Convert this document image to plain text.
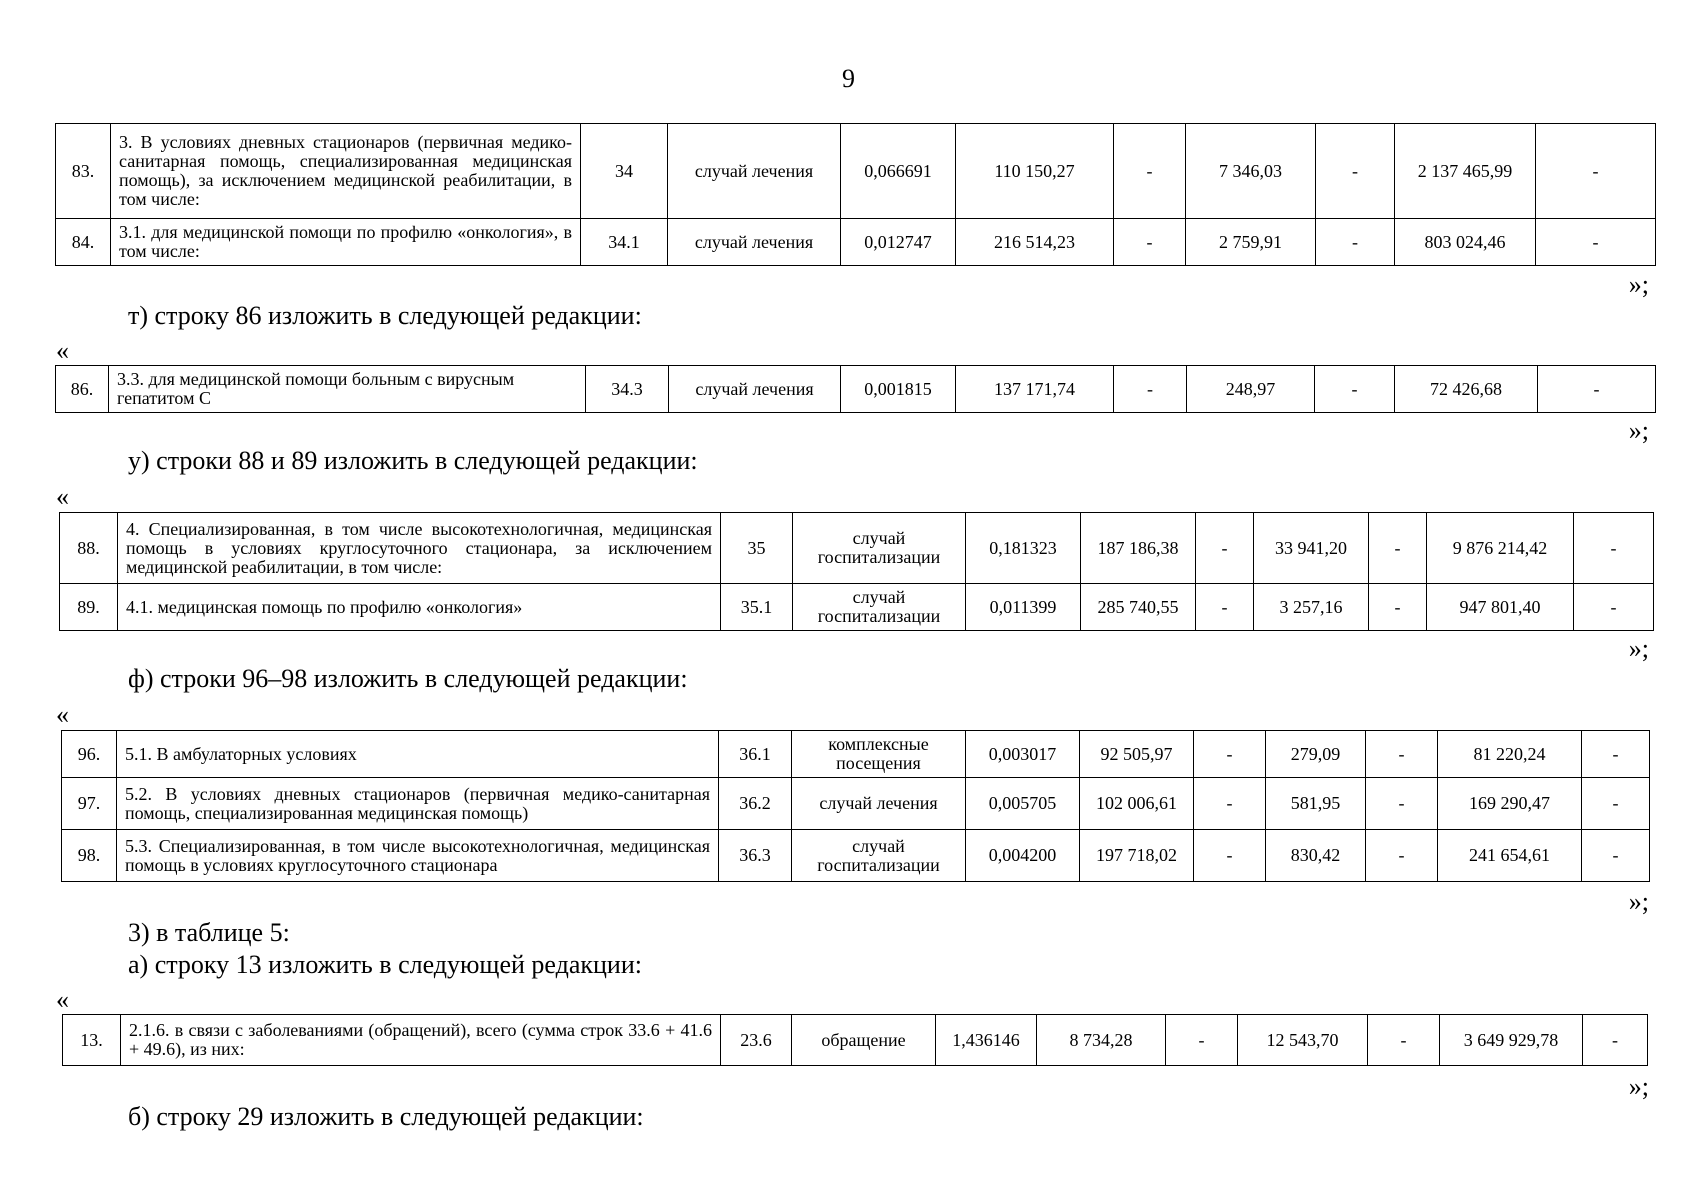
9
83.	3. В условиях дневных стационаров (первичная медико-санитарная помощь, специализированная медицинская помощь), за исключением медицинской реабилитации, в том числе:	34	случай лечения	0,066691	110 150,27	-	7 346,03	-	2 137 465,99	-
84.	3.1. для медицинской помощи по профилю «онкология», в том числе:	34.1	случай лечения	0,012747	216 514,23	-	2 759,91	-	803 024,46	-
»;
т) строку 86 изложить в следующей редакции:
«
86.	3.3. для медицинской помощи больным с вирусным гепатитом С	34.3	случай лечения	0,001815	137 171,74	-	248,97	-	72 426,68	-
»;
у) строки 88 и 89 изложить в следующей редакции:
«
88.	4. Специализированная, в том числе высокотехнологичная, медицинская помощь в условиях круглосуточного стационара, за исключением медицинской реабилитации, в том числе:	35	случай госпитализации	0,181323	187 186,38	-	33 941,20	-	9 876 214,42	-
89.	4.1. медицинская помощь по профилю «онкология»	35.1	случай госпитализации	0,011399	285 740,55	-	3 257,16	-	947 801,40	-
»;
ф) строки 96–98 изложить в следующей редакции:
«
96.	5.1. В амбулаторных условиях	36.1	комплексные посещения	0,003017	92 505,97	-	279,09	-	81 220,24	-
97.	5.2. В условиях дневных стационаров (первичная медико-санитарная помощь, специализированная медицинская помощь)	36.2	случай лечения	0,005705	102 006,61	-	581,95	-	169 290,47	-
98.	5.3. Специализированная, в том числе высокотехнологичная, медицинская помощь в условиях круглосуточного стационара	36.3	случай госпитализации	0,004200	197 718,02	-	830,42	-	241 654,61	-
»;
3) в таблице 5:
а) строку 13 изложить в следующей редакции:
«
13.	2.1.6. в связи с заболеваниями (обращений), всего (сумма строк 33.6 + 41.6 + 49.6), из них:	23.6	обращение	1,436146	8 734,28	-	12 543,70	-	3 649 929,78	-
»;
б) строку 29 изложить в следующей редакции:
